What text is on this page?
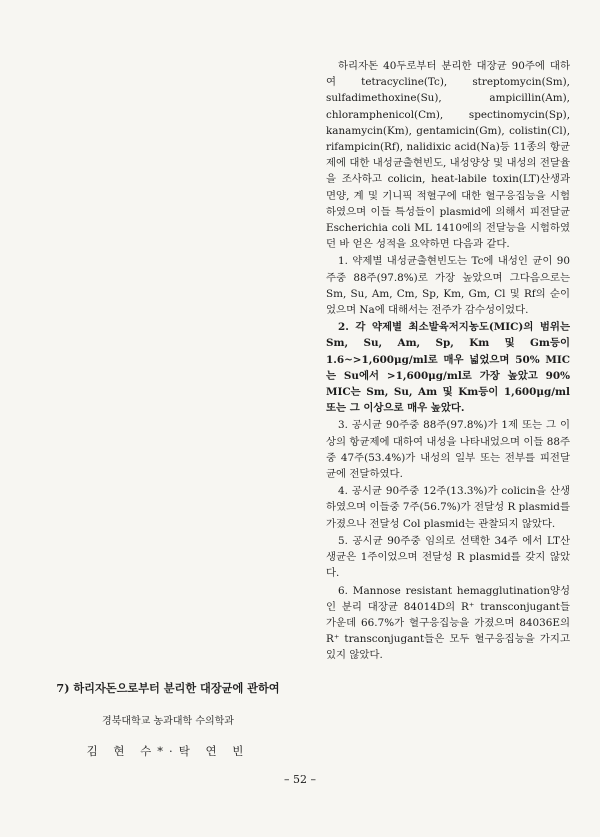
하리자돈 40두로부터 분리한 대장균 90주에 대하여 tetracycline(Tc), streptomycin(Sm), sulfadimethoxine(Su), ampicillin(Am), chloramphenicol(Cm), spectinomycin(Sp), kanamycin(Km), gentamicin(Gm), colistin(Cl), rifampicin(Rf), nalidixic acid(Na)등 11종의 항균제에 대한 내성균출현빈도, 내성양상 및 내성의 전달율을 조사하고 colicin, heat-labile toxin(LT)산생과 면양, 계 및 기니픽 적혈구에 대한 혈구응집능을 시험하였으며 이들 특성들이 plasmid에 의해서 피전달균 Escherichia coli ML 1410에의 전달능을 시험하였던 바 얻은 성적을 요약하면 다음과 같다.

1. 약제별 내성균출현빈도는 Tc에 내성인 균이 90주중 88주(97.8%)로 가장 높았으며 그다음으로는 Sm, Su, Am, Cm, Sp, Km, Gm, Cl 및 Rf의 순이었으며 Na에 대해서는 전주가 감수성이었다.

2. 각 약제별 최소발육저지농도(MIC)의 범위는 Sm, Su, Am, Sp, Km 및 Gm등이 1.6~>1,600μg/ml로 매우 넓었으며 50% MIC는 Su에서 >1,600μg/ml로 가장 높았고 90% MIC는 Sm, Su, Am 및 Km등이 1,600μg/ml 또는 그 이상으로 매우 높았다.

3. 공시균 90주중 88주(97.8%)가 1제 또는 그 이상의 항균제에 대하여 내성을 나타내었으며 이들 88주중 47주(53.4%)가 내성의 일부 또는 전부를 피전달균에 전달하였다.

4. 공시균 90주중 12주(13.3%)가 colicin을 산생 하였으며 이들중 7주(56.7%)가 전달성 R plasmid를 가졌으나 전달성 Col plasmid는 관찰되지 않았다.

5. 공시균 90주중 임의로 선택한 34주 에서 LT산생균은 1주이었으며 전달성 R plasmid를 갖지 않았다.

6. Mannose resistant hemagglutination양성인 분리 대장균 84014D의 R⁺ transconjugant들 가운데 66.7%가 혈구응집능을 가졌으며 84036E의 R⁺ transconjugant들은 모두 혈구응집능을 가지고 있지 않았다.

7) 하리자돈으로부터 분리한 대장균에 관하여

경북대학교 농과대학 수의학과

김 현 수*·탁 연 빈

– 52 –
